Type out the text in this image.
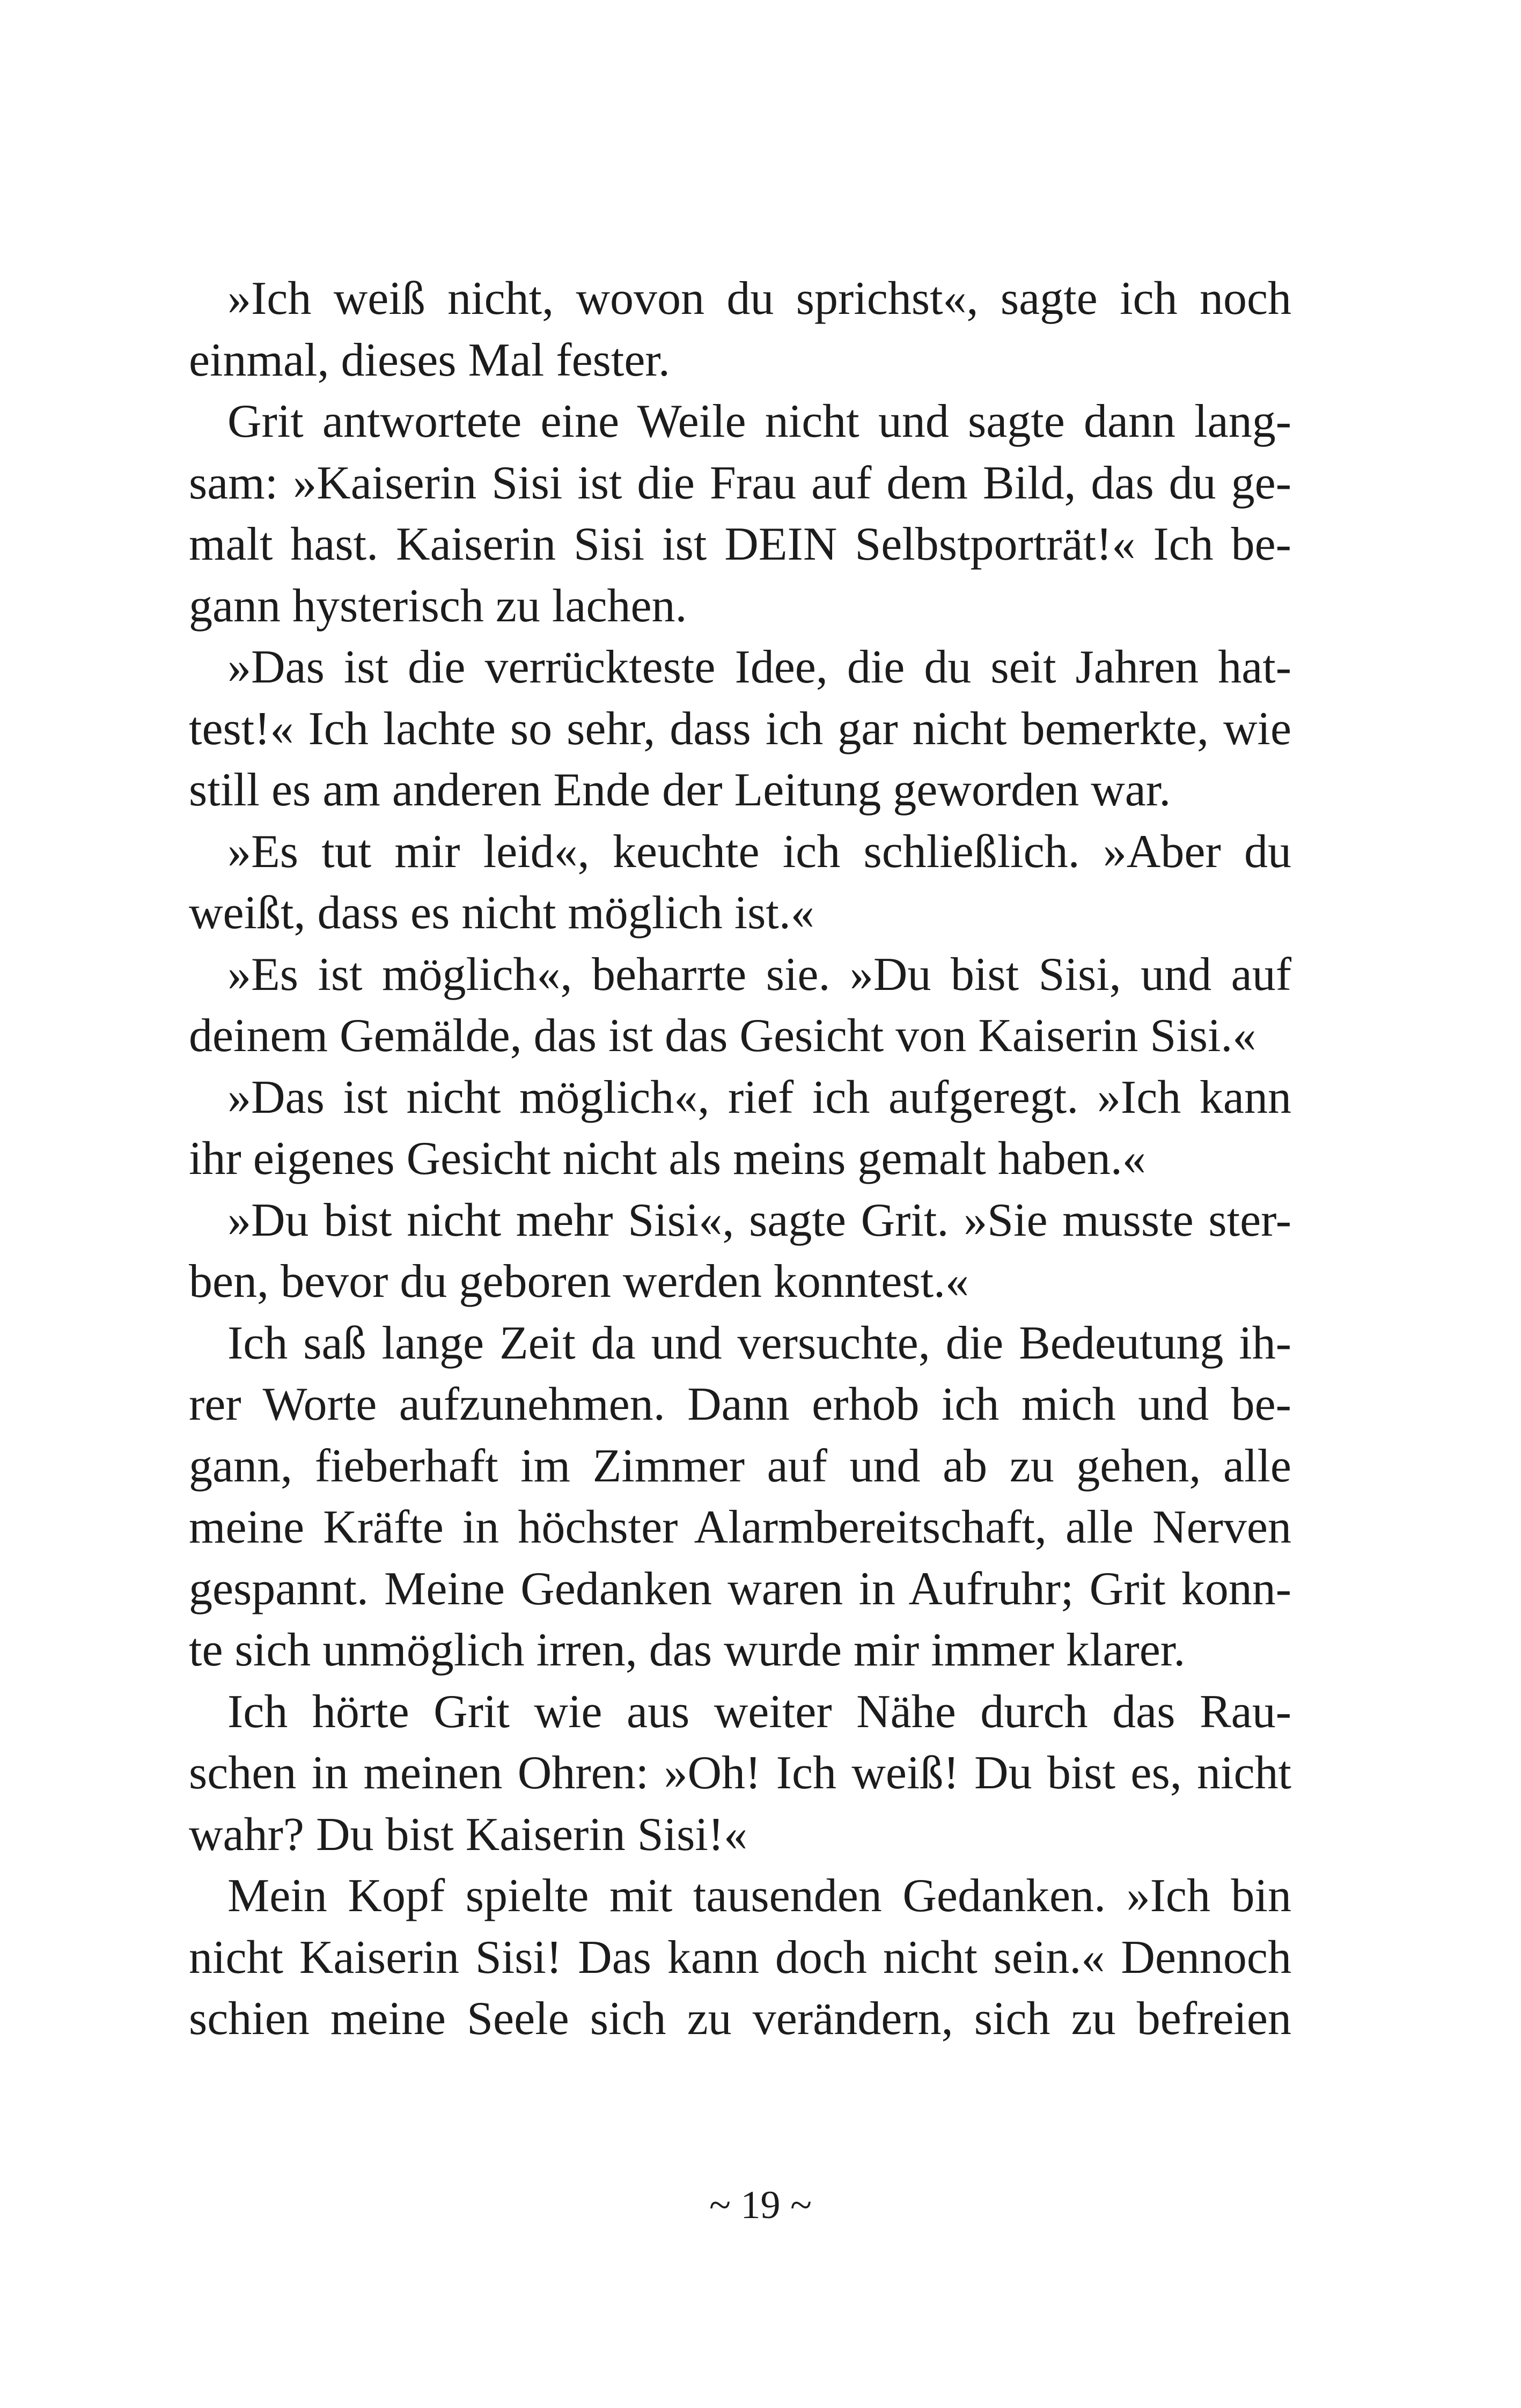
»Ich weiß nicht, wovon du sprichst«, sagte ich noch
einmal, dieses Mal fester.
Grit antwortete eine Weile nicht und sagte dann lang-
sam: »Kaiserin Sisi ist die Frau auf dem Bild, das du ge-
malt hast. Kaiserin Sisi ist DEIN Selbstporträt!« Ich be-
gann hysterisch zu lachen.
»Das ist die verrückteste Idee, die du seit Jahren hat-
test!« Ich lachte so sehr, dass ich gar nicht bemerkte, wie
still es am anderen Ende der Leitung geworden war.
»Es tut mir leid«, keuchte ich schließlich. »Aber du
weißt, dass es nicht möglich ist.«
»Es ist möglich«, beharrte sie. »Du bist Sisi, und auf
deinem Gemälde, das ist das Gesicht von Kaiserin Sisi.«
»Das ist nicht möglich«, rief ich aufgeregt. »Ich kann
ihr eigenes Gesicht nicht als meins gemalt haben.«
»Du bist nicht mehr Sisi«, sagte Grit. »Sie musste ster-
ben, bevor du geboren werden konntest.«
Ich saß lange Zeit da und versuchte, die Bedeutung ih-
rer Worte aufzunehmen. Dann erhob ich mich und be-
gann, fieberhaft im Zimmer auf und ab zu gehen, alle
meine Kräfte in höchster Alarmbereitschaft, alle Nerven
gespannt. Meine Gedanken waren in Aufruhr; Grit konn-
te sich unmöglich irren, das wurde mir immer klarer.
Ich hörte Grit wie aus weiter Nähe durch das Rau-
schen in meinen Ohren: »Oh! Ich weiß! Du bist es, nicht
wahr? Du bist Kaiserin Sisi!«
Mein Kopf spielte mit tausenden Gedanken. »Ich bin
nicht Kaiserin Sisi! Das kann doch nicht sein.« Dennoch
schien meine Seele sich zu verändern, sich zu befreien
~ 19 ~
